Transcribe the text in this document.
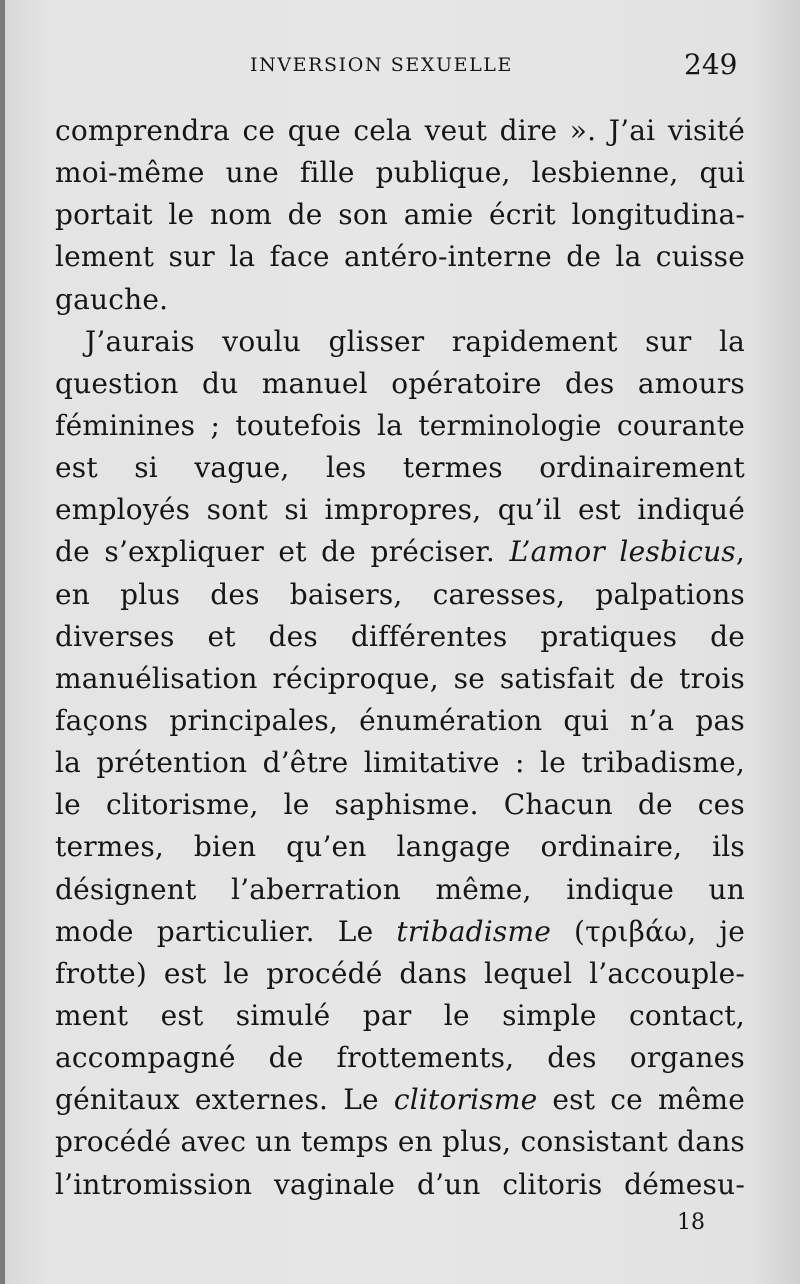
INVERSION SEXUELLE	249
comprendra ce que cela veut dire ». J’ai visité
moi-même une fille publique, lesbienne, qui
portait le nom de son amie écrit longitudina-
lement sur la face antéro-interne de la cuisse
gauche.
J’aurais voulu glisser rapidement sur la
question du manuel opératoire des amours
féminines ; toutefois la terminologie courante
est si vague, les termes ordinairement
employés sont si impropres, qu’il est indiqué
de s’expliquer et de préciser. L’amor lesbicus,
en plus des baisers, caresses, palpations
diverses et des différentes pratiques de
manuélisation réciproque, se satisfait de trois
façons principales, énumération qui n’a pas
la prétention d’être limitative : le tribadisme,
le clitorisme, le saphisme. Chacun de ces
termes, bien qu’en langage ordinaire, ils
désignent l’aberration même, indique un
mode particulier. Le tribadisme (τριβάω, je
frotte) est le procédé dans lequel l’accouple-
ment est simulé par le simple contact,
accompagné de frottements, des organes
génitaux externes. Le clitorisme est ce même
procédé avec un temps en plus, consistant dans
l’intromission vaginale d’un clitoris démesu-
18
